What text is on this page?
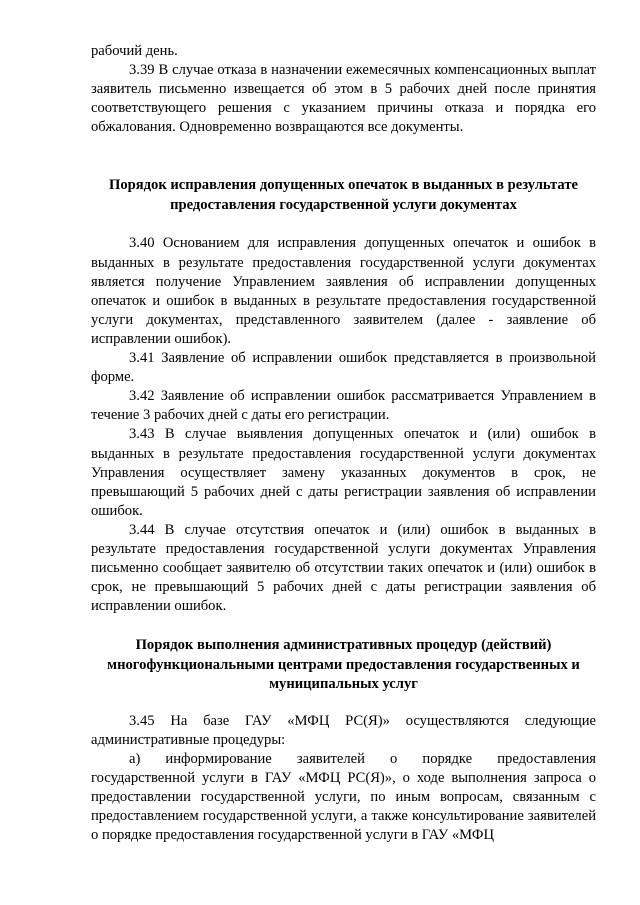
рабочий день.

3.39 В случае отказа в назначении ежемесячных компенсационных выплат заявитель письменно извещается об этом в 5 рабочих дней после принятия соответствующего решения с указанием причины отказа и порядка его обжалования. Одновременно возвращаются все документы.

Порядок исправления допущенных опечаток в выданных в результате
предоставления государственной услуги документах

3.40 Основанием для исправления допущенных опечаток и ошибок в выданных в результате предоставления государственной услуги документах является получение Управлением заявления об исправлении допущенных опечаток и ошибок в выданных в результате предоставления государственной услуги документах, представленного заявителем (далее - заявление об исправлении ошибок).

3.41 Заявление об исправлении ошибок представляется в произвольной форме.

3.42 Заявление об исправлении ошибок рассматривается Управлением в течение 3 рабочих дней с даты его регистрации.

3.43 В случае выявления допущенных опечаток и (или) ошибок в выданных в результате предоставления государственной услуги документах Управления осуществляет замену указанных документов в срок, не превышающий 5 рабочих дней с даты регистрации заявления об исправлении ошибок.

3.44 В случае отсутствия опечаток и (или) ошибок в выданных в результате предоставления государственной услуги документах Управления письменно сообщает заявителю об отсутствии таких опечаток и (или) ошибок в срок, не превышающий 5 рабочих дней с даты регистрации заявления об исправлении ошибок.

Порядок выполнения административных процедур (действий)
многофункциональными центрами предоставления государственных и
муниципальных услуг

3.45 На базе ГАУ «МФЦ РС(Я)» осуществляются следующие административные процедуры:

а) информирование заявителей о порядке предоставления государственной услуги в ГАУ «МФЦ РС(Я)», о ходе выполнения запроса о предоставлении государственной услуги, по иным вопросам, связанным с предоставлением государственной услуги, а также консультирование заявителей о порядке предоставления государственной услуги в ГАУ «МФЦ
